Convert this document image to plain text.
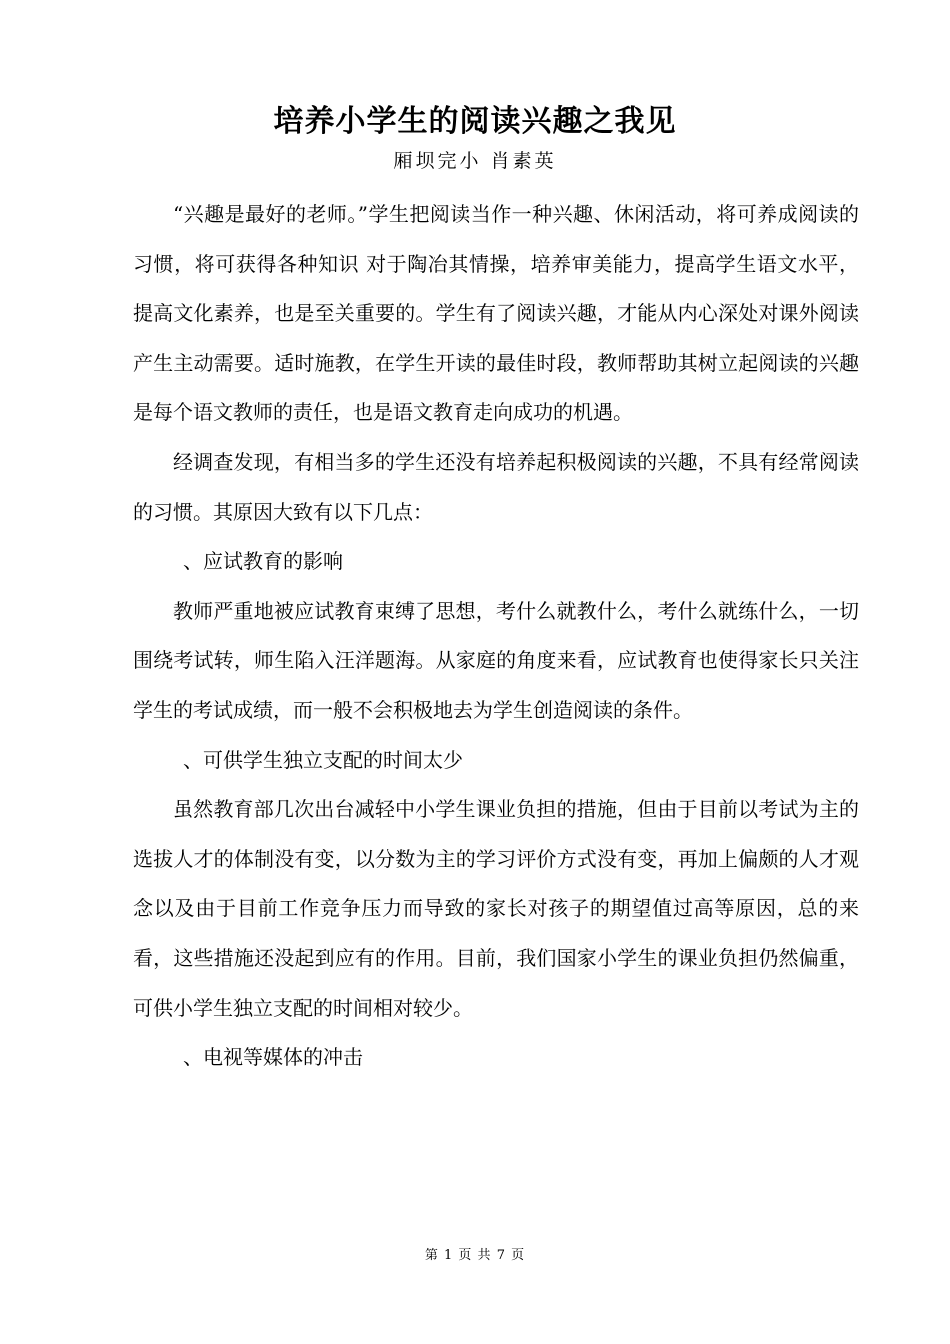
培养小学生的阅读兴趣之我见
厢坝完小 肖素英

“兴趣是最好的老师。”学生把阅读当作一种兴趣、休闲活动，将可养成阅读的习惯，将可获得各种知识 对于陶冶其情操，培养审美能力，提高学生语文水平，提高文化素养，也是至关重要的。学生有了阅读兴趣，才能从内心深处对课外阅读产生主动需要。适时施教，在学生开读的最佳时段，教师帮助其树立起阅读的兴趣是每个语文教师的责任，也是语文教育走向成功的机遇。

经调查发现，有相当多的学生还没有培养起积极阅读的兴趣，不具有经常阅读的习惯。其原因大致有以下几点：

、应试教育的影响

教师严重地被应试教育束缚了思想，考什么就教什么，考什么就练什么，一切围绕考试转，师生陷入汪洋题海。从家庭的角度来看，应试教育也使得家长只关注学生的考试成绩，而一般不会积极地去为学生创造阅读的条件。

、可供学生独立支配的时间太少

虽然教育部几次出台减轻中小学生课业负担的措施，但由于目前以考试为主的选拔人才的体制没有变，以分数为主的学习评价方式没有变，再加上偏颇的人才观念以及由于目前工作竞争压力而导致的家长对孩子的期望值过高等原因，总的来看，这些措施还没起到应有的作用。目前，我们国家小学生的课业负担仍然偏重，可供小学生独立支配的时间相对较少。

、电视等媒体的冲击

第 1 页 共 7 页
